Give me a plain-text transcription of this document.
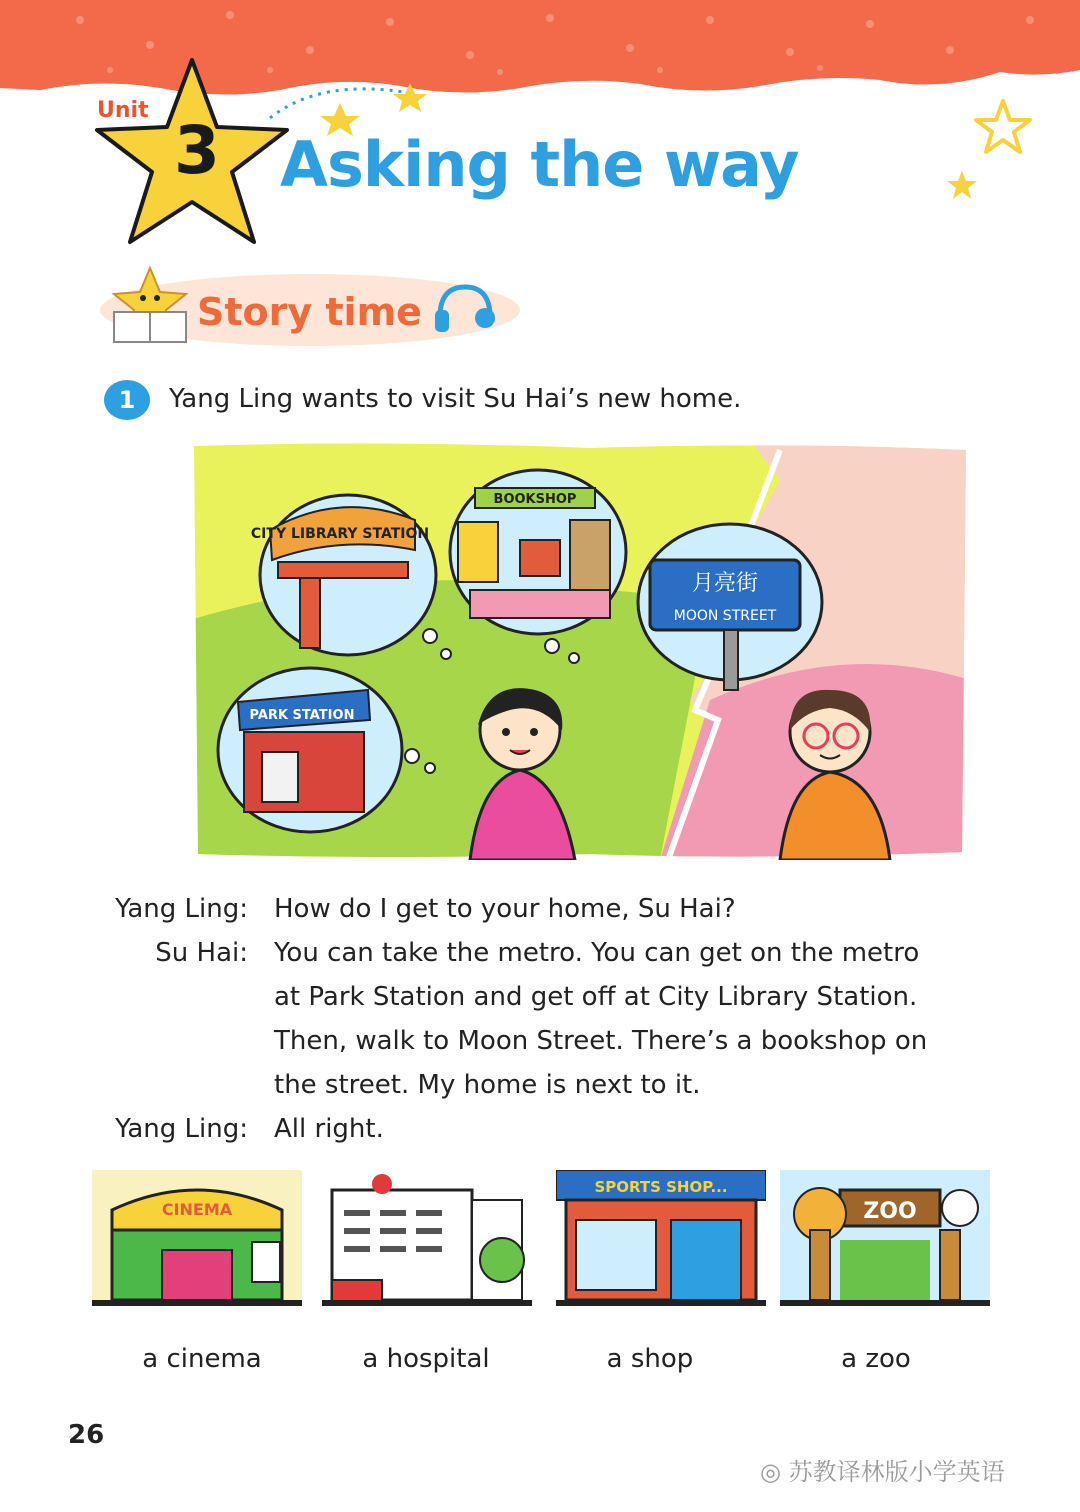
Unit
3 Asking the way
Story time
1	Yang Ling wants to visit Su Hai’s new home.
CITY LIBRARY STATION
BOOKSHOP
月亮街
MOON STREET
PARK STATION
Yang Ling: How do I get to your home, Su Hai?
Su Hai: You can take the metro. You can get on the metro
at Park Station and get off at City Library Station.
Then, walk to Moon Street. There’s a bookshop on
the street. My home is next to it.
Yang Ling: All right.
CINEMA
SPORTS SHOP...
ZOO
a cinema	a hospital	a shop	a zoo
26
◎ 苏教译林版小学英语
